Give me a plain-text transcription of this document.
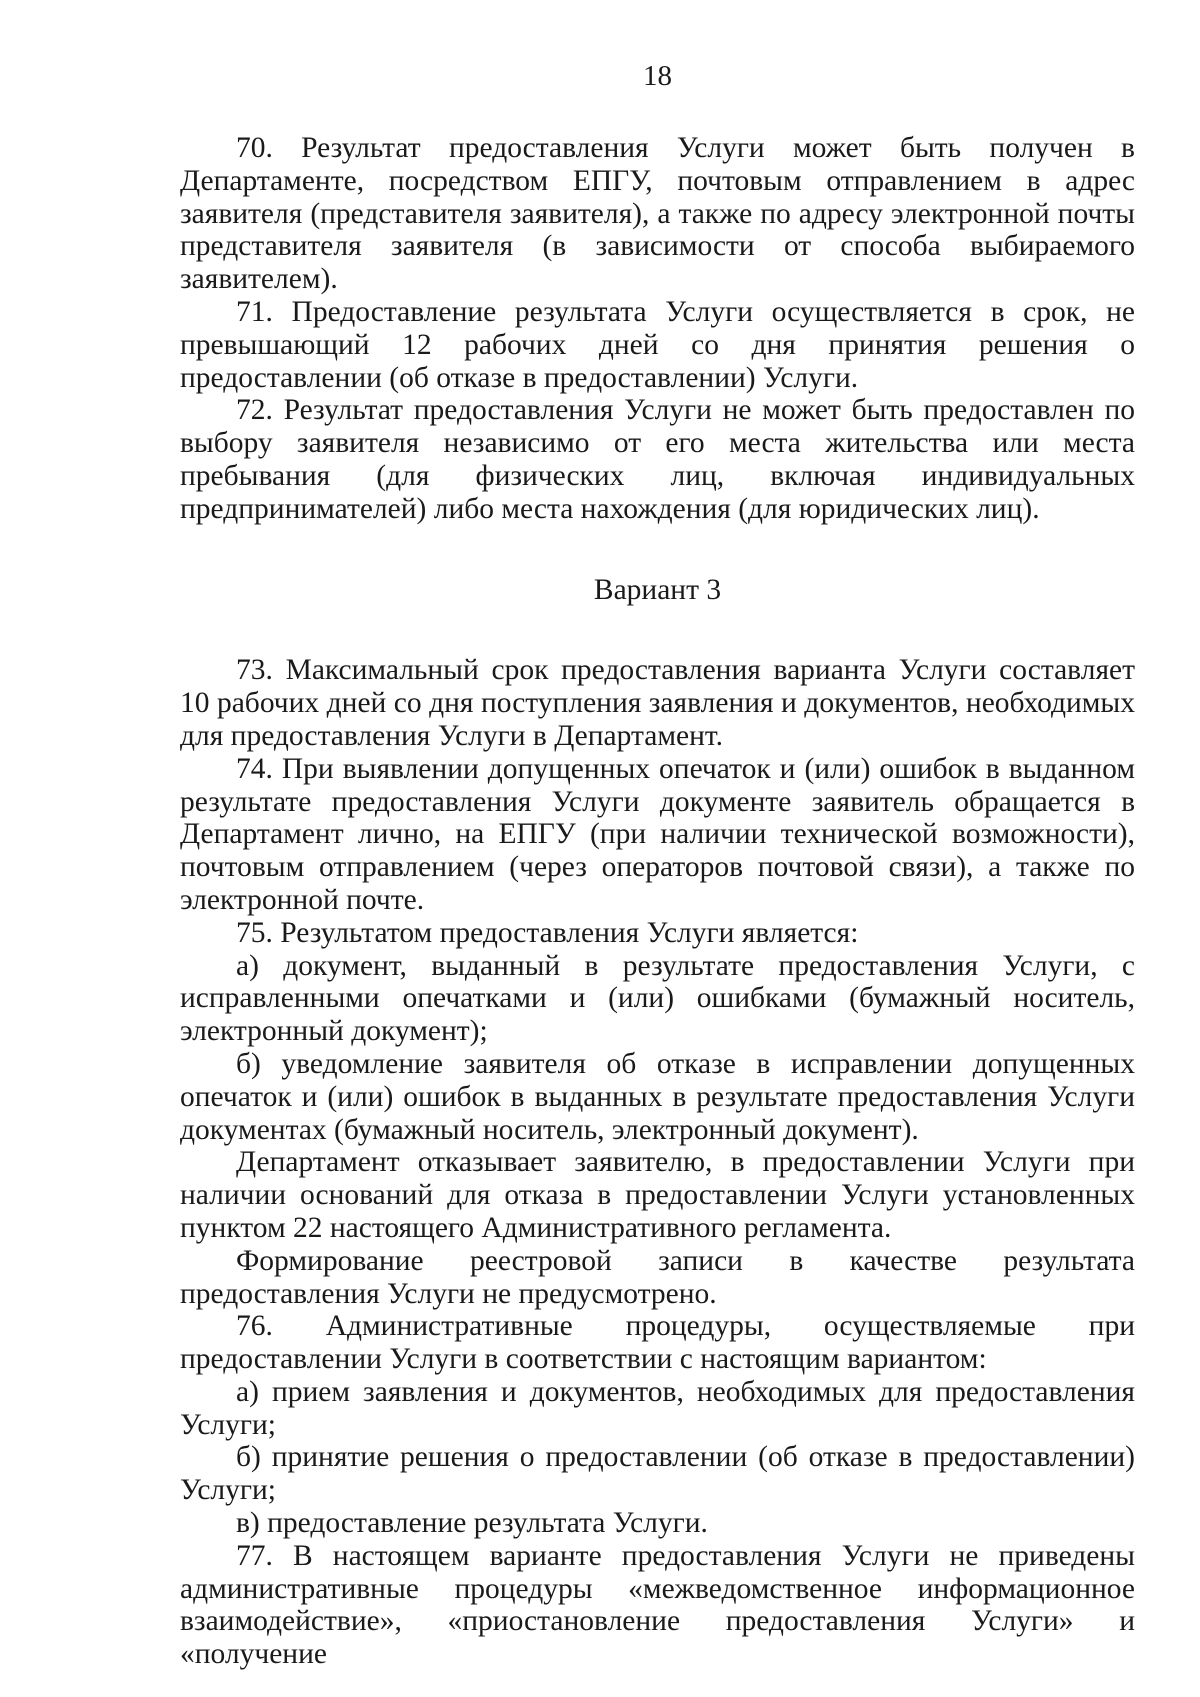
18

70. Результат предоставления Услуги может быть получен в Департаменте, посредством ЕПГУ, почтовым отправлением в адрес заявителя (представителя заявителя), а также по адресу электронной почты представителя заявителя (в зависимости от способа выбираемого заявителем).

71. Предоставление результата Услуги осуществляется в срок, не превышающий 12 рабочих дней со дня принятия решения о предоставлении (об отказе в предоставлении) Услуги.

72. Результат предоставления Услуги не может быть предоставлен по выбору заявителя независимо от его места жительства или места пребывания (для физических лиц, включая индивидуальных предпринимателей) либо места нахождения (для юридических лиц).

Вариант 3

73. Максимальный срок предоставления варианта Услуги составляет 10 рабочих дней со дня поступления заявления и документов, необходимых для предоставления Услуги в Департамент.

74. При выявлении допущенных опечаток и (или) ошибок в выданном результате предоставления Услуги документе заявитель обращается в Департамент лично, на ЕПГУ (при наличии технической возможности), почтовым отправлением (через операторов почтовой связи), а также по электронной почте.

75. Результатом предоставления Услуги является:

а) документ, выданный в результате предоставления Услуги, с исправленными опечатками и (или) ошибками (бумажный носитель, электронный документ);

б) уведомление заявителя об отказе в исправлении допущенных опечаток и (или) ошибок в выданных в результате предоставления Услуги документах (бумажный носитель, электронный документ).

Департамент отказывает заявителю, в предоставлении Услуги при наличии оснований для отказа в предоставлении Услуги установленных пунктом 22 настоящего Административного регламента.

Формирование реестровой записи в качестве результата предоставления Услуги не предусмотрено.

76. Административные процедуры, осуществляемые при предоставлении Услуги в соответствии с настоящим вариантом:

а) прием заявления и документов, необходимых для предоставления Услуги;

б) принятие решения о предоставлении (об отказе в предоставлении) Услуги;

в) предоставление результата Услуги.

77. В настоящем варианте предоставления Услуги не приведены административные процедуры «межведомственное информационное взаимодействие», «приостановление предоставления Услуги» и «получение
